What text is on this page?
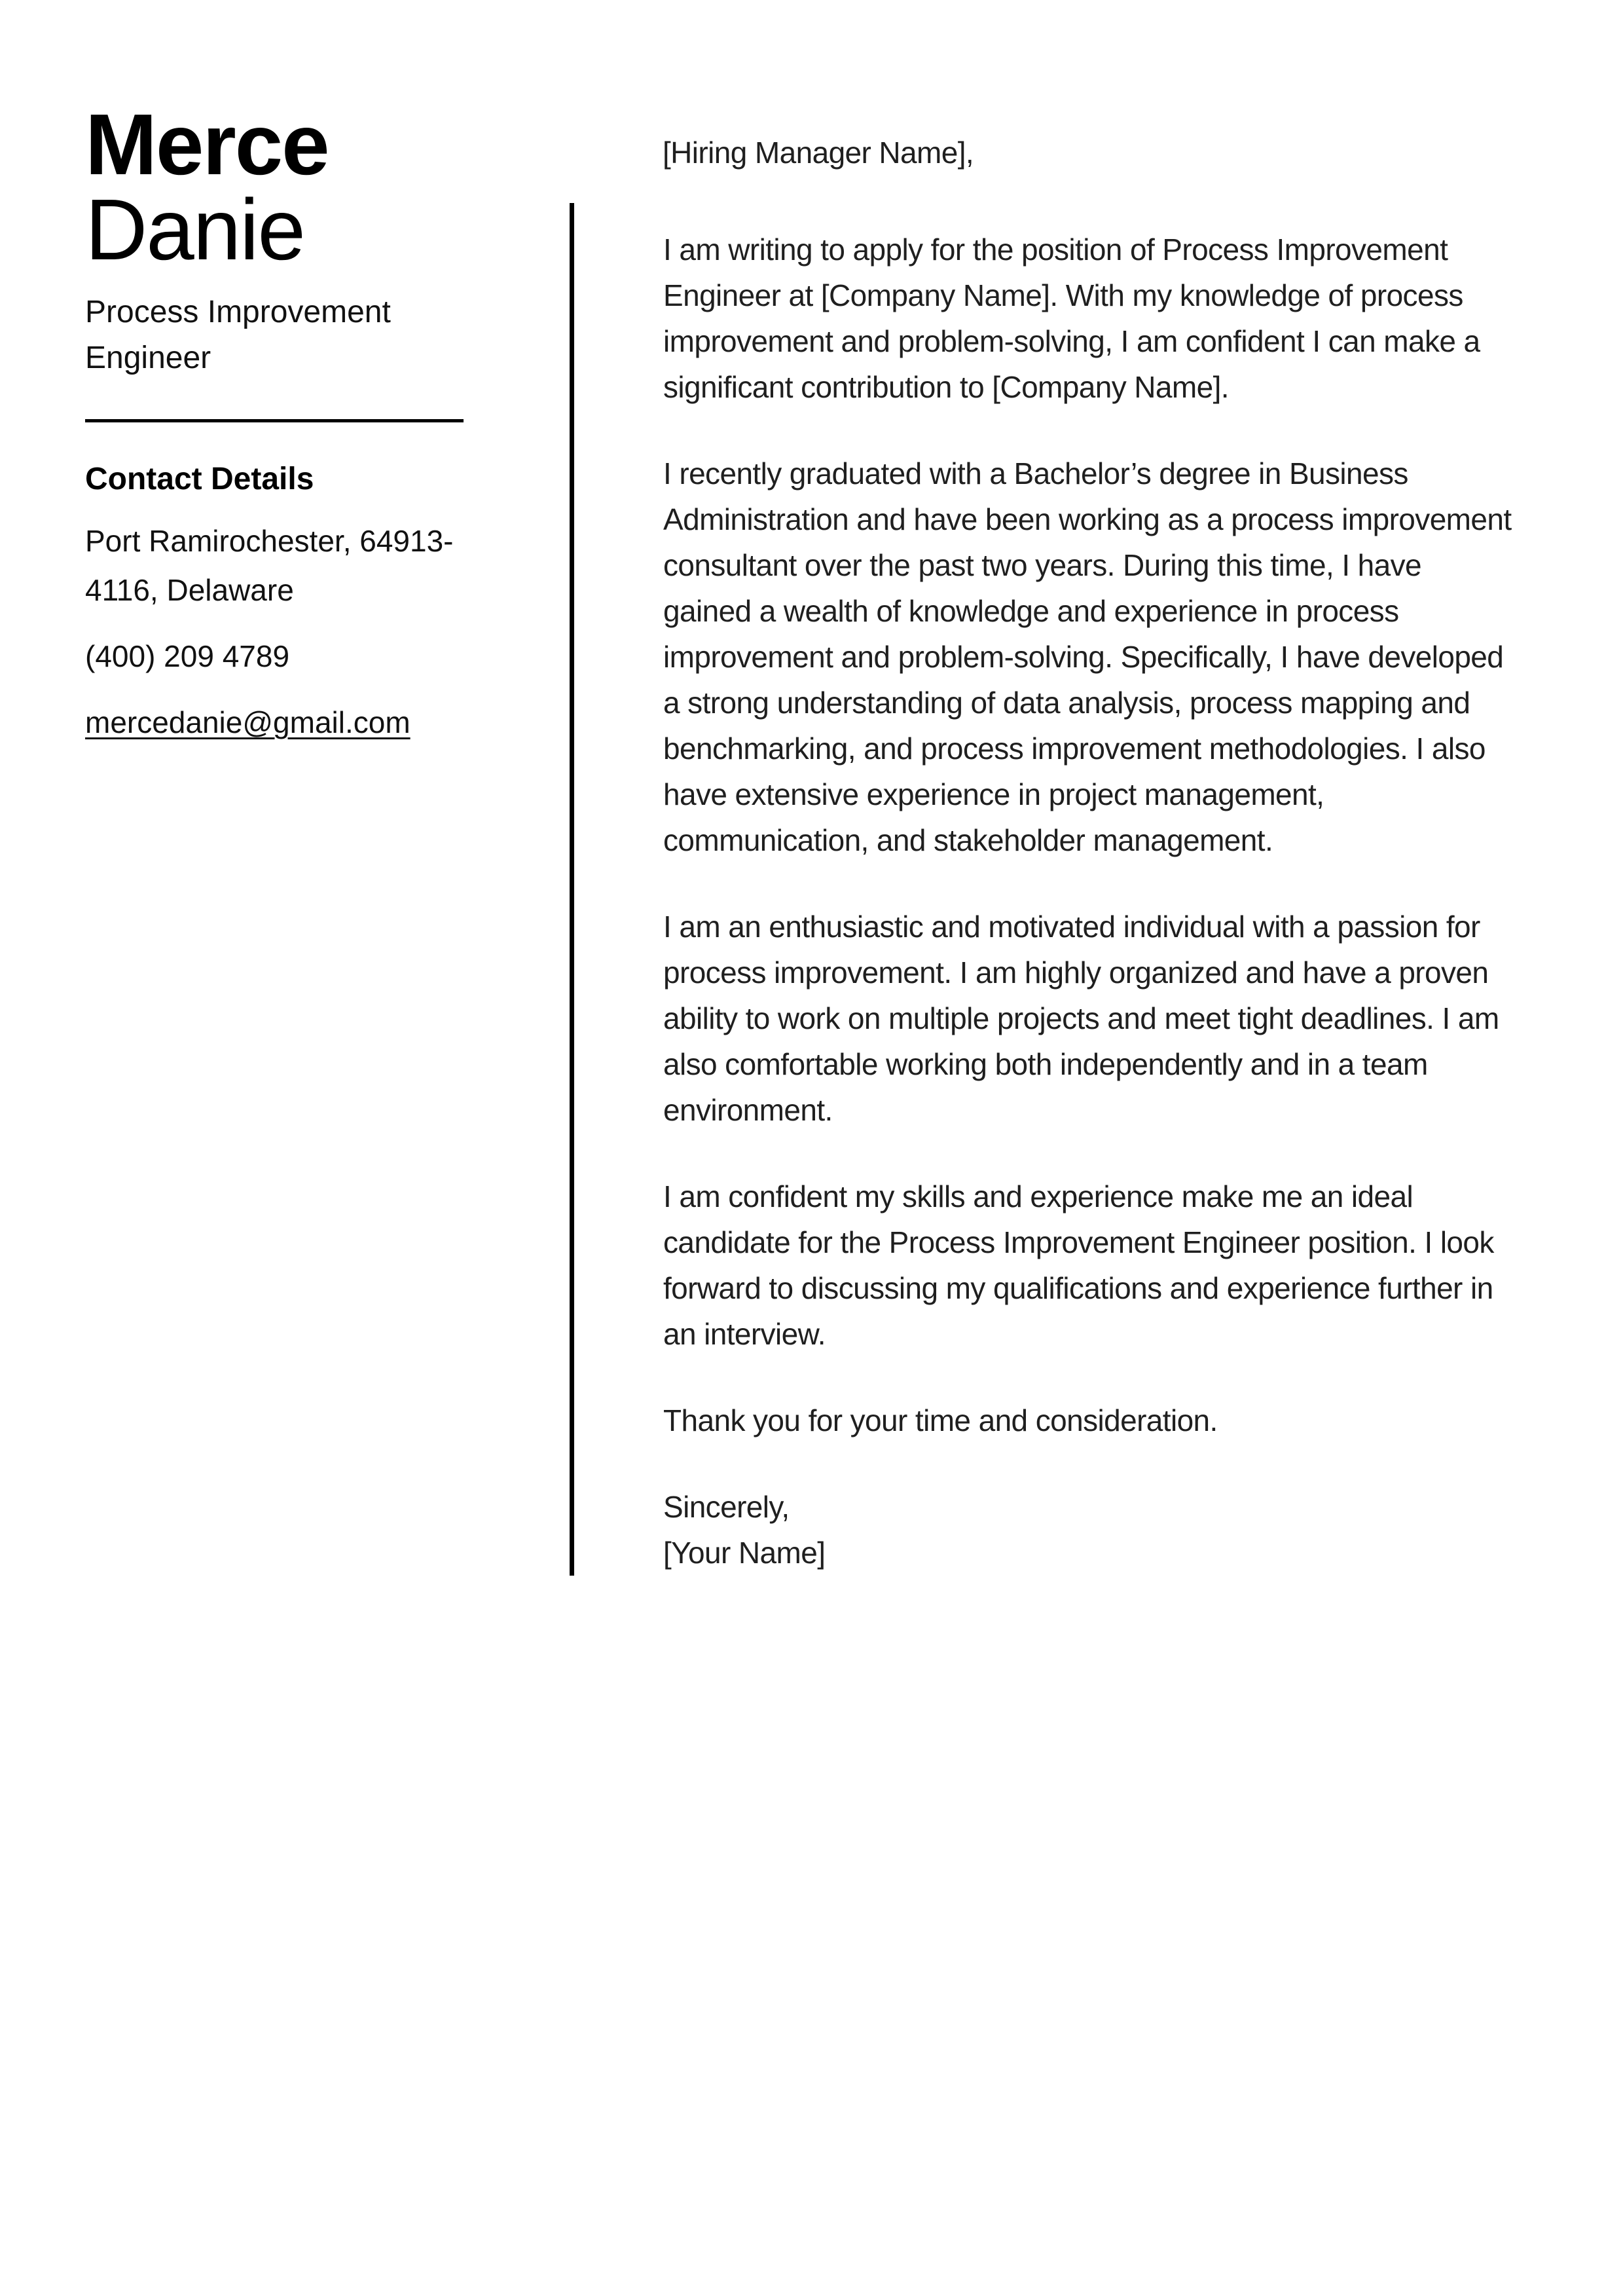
Merce
Danie

Process Improvement Engineer

Contact Details

Port Ramirochester, 64913-4116, Delaware

(400) 209 4789

mercedanie@gmail.com

[Hiring Manager Name],

I am writing to apply for the position of Process Improvement Engineer at [Company Name]. With my knowledge of process improvement and problem-solving, I am confident I can make a significant contribution to [Company Name].

I recently graduated with a Bachelor’s degree in Business Administration and have been working as a process improvement consultant over the past two years. During this time, I have gained a wealth of knowledge and experience in process improvement and problem-solving. Specifically, I have developed a strong understanding of data analysis, process mapping and benchmarking, and process improvement methodologies. I also have extensive experience in project management, communication, and stakeholder management.

I am an enthusiastic and motivated individual with a passion for process improvement. I am highly organized and have a proven ability to work on multiple projects and meet tight deadlines. I am also comfortable working both independently and in a team environment.

I am confident my skills and experience make me an ideal candidate for the Process Improvement Engineer position. I look forward to discussing my qualifications and experience further in an interview.

Thank you for your time and consideration.

Sincerely,
[Your Name]
